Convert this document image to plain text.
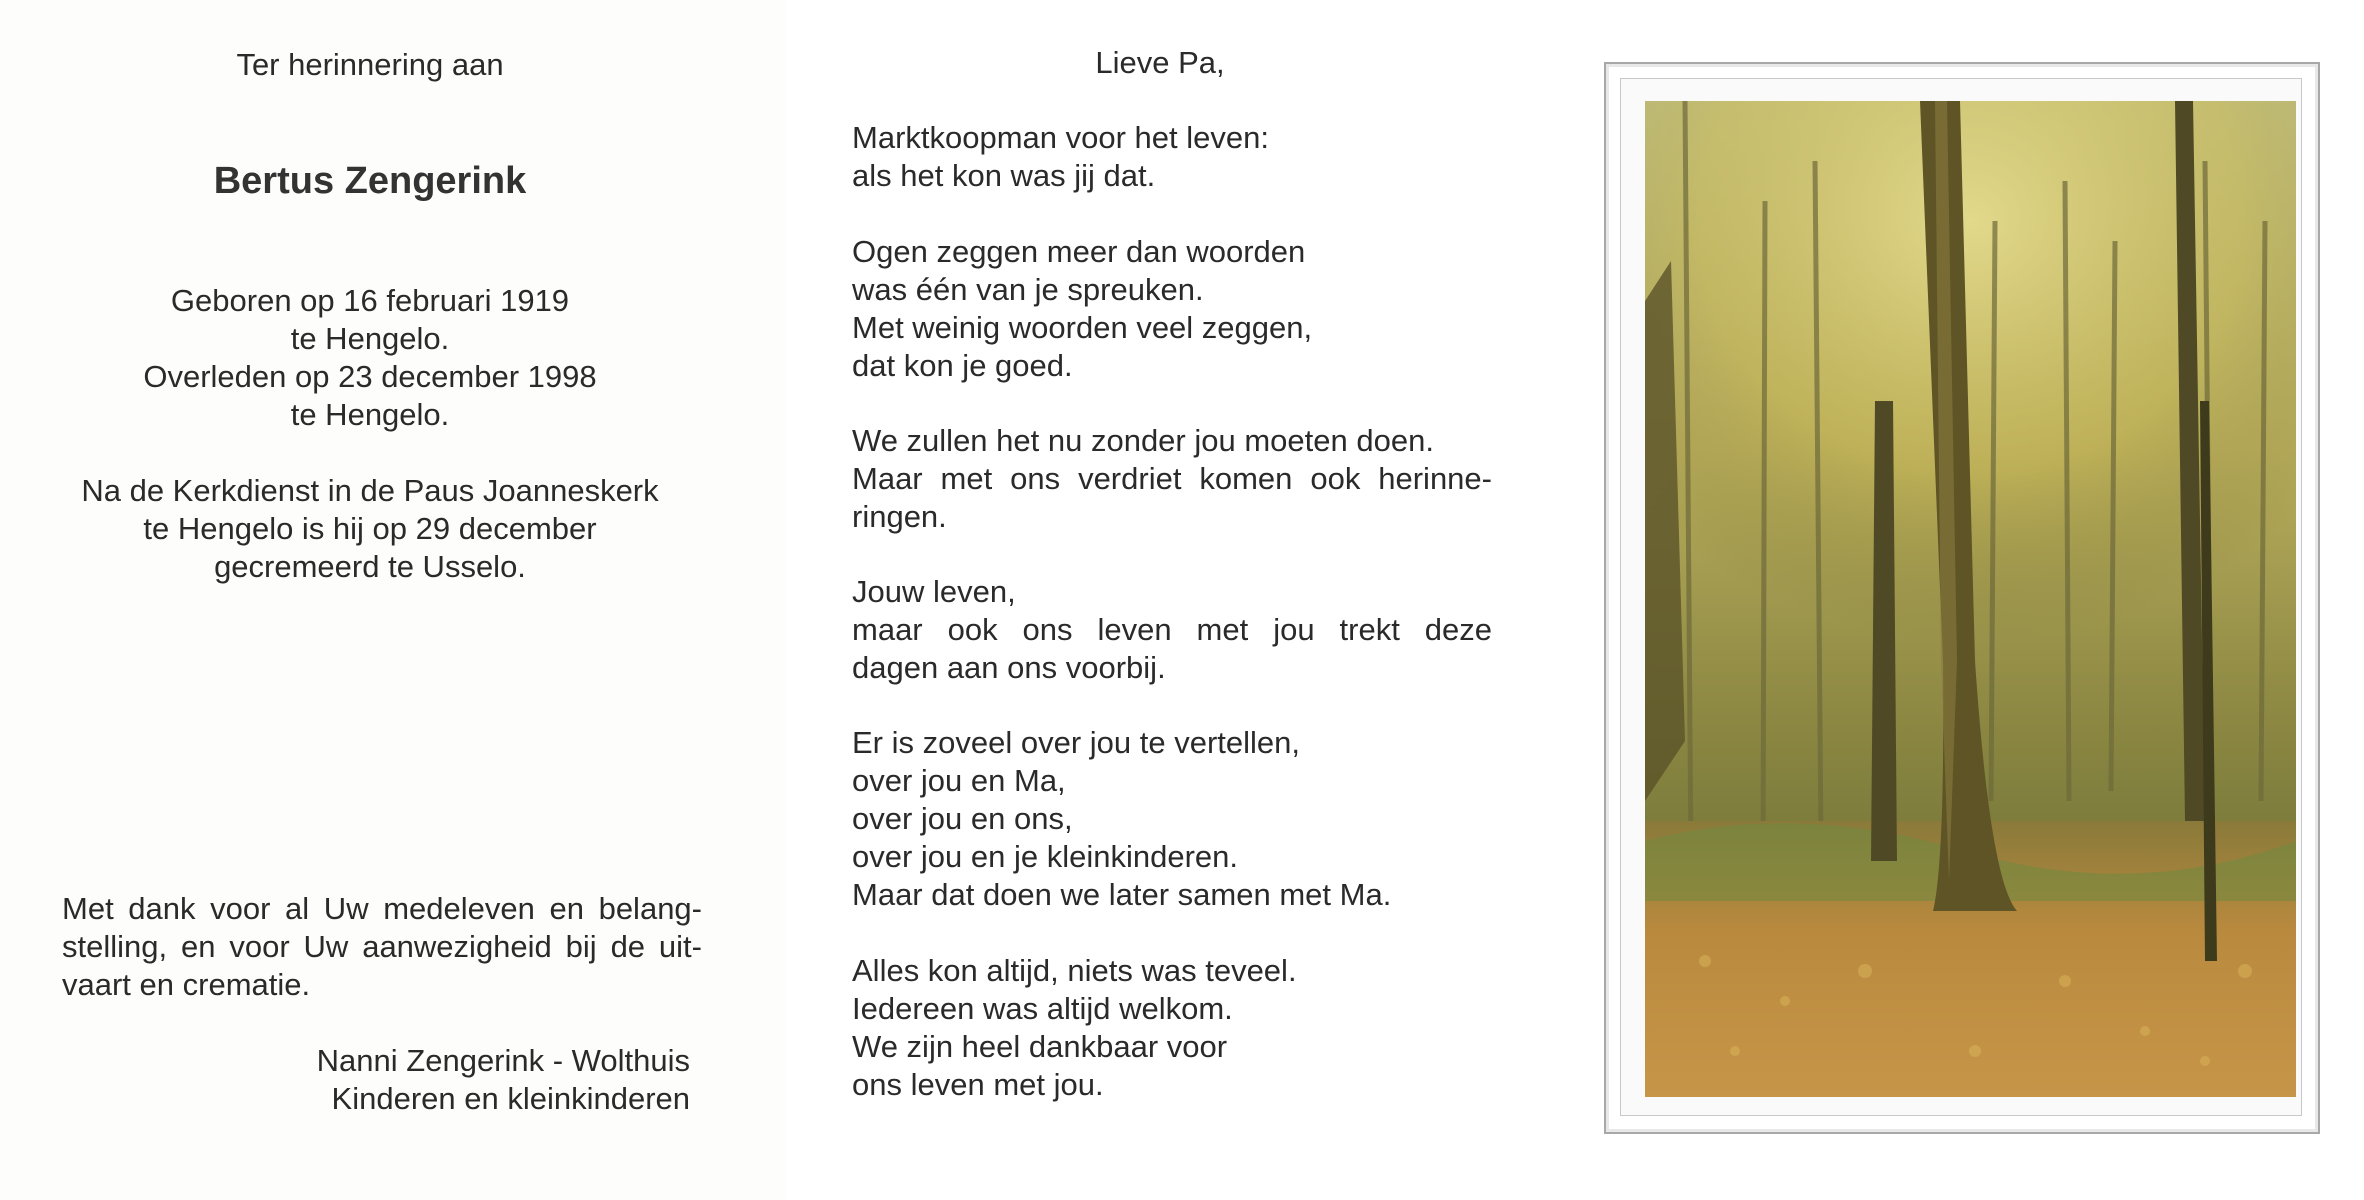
Ter herinnering aan
Bertus Zengerink
Geboren op 16 februari 1919
te Hengelo.
Overleden op 23 december 1998
te Hengelo.
Na de Kerkdienst in de Paus Joanneskerk
te Hengelo is hij op 29 december
gecremeerd te Usselo.
Met dank voor al Uw medeleven en belang-
stelling, en voor Uw aanwezigheid bij de uit-
vaart en crematie.
Nanni Zengerink - Wolthuis
Kinderen en kleinkinderen
Lieve Pa,
Marktkoopman voor het leven:
als het kon was jij dat.
Ogen zeggen meer dan woorden
was één van je spreuken.
Met weinig woorden veel zeggen,
dat kon je goed.
We zullen het nu zonder jou moeten doen.
Maar met ons verdriet komen ook herinne-
ringen.
Jouw leven,
maar ook ons leven met jou trekt deze
dagen aan ons voorbij.
Er is zoveel over jou te vertellen,
over jou en Ma,
over jou en ons,
over jou en je kleinkinderen.
Maar dat doen we later samen met Ma.
Alles kon altijd, niets was teveel.
Iedereen was altijd welkom.
We zijn heel dankbaar voor
ons leven met jou.
